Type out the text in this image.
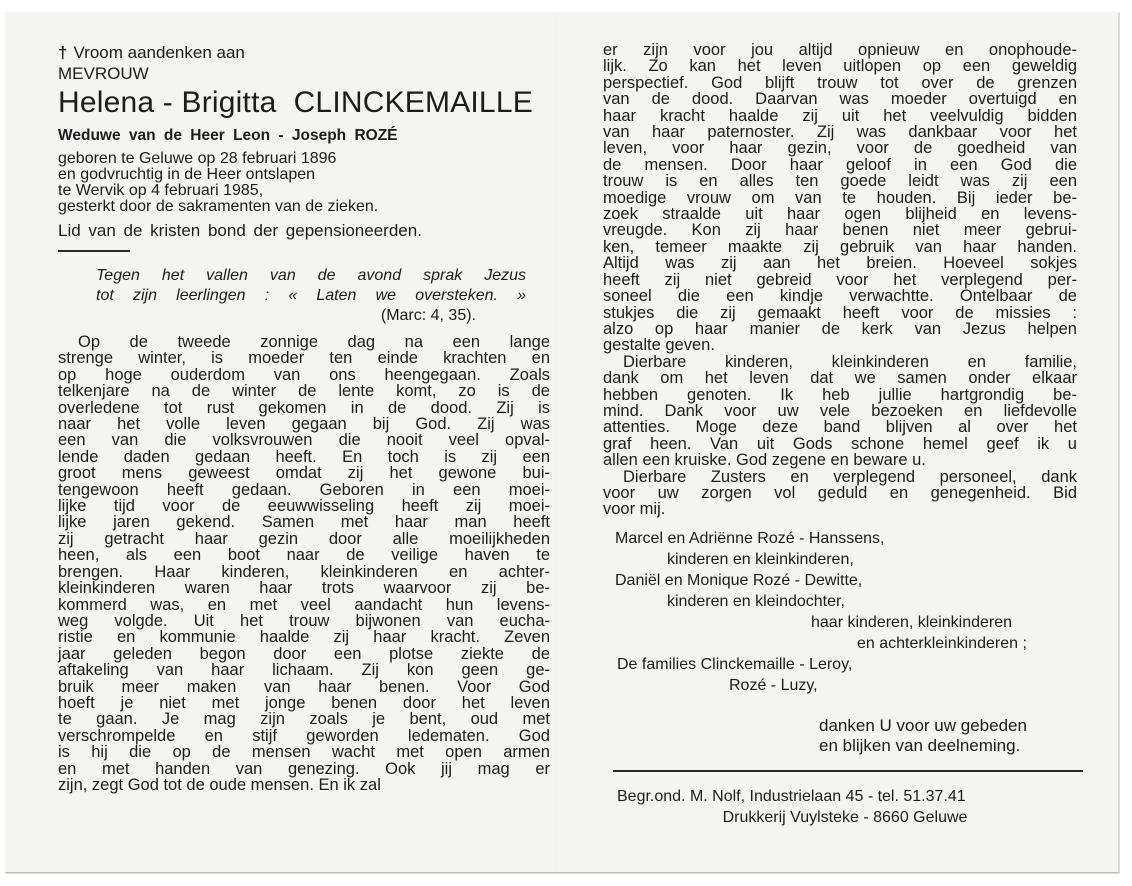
† Vroom aandenken aan
MEVROUW
Helena - Brigitta  CLINCKEMAILLE
Weduwe van de Heer Leon - Joseph ROZÉ
geboren te Geluwe op 28 februari 1896
en godvruchtig in de Heer ontslapen
te Wervik op 4 februari 1985,
gesterkt door de sakramenten van de zieken.
Lid van de kristen bond der gepensioneerden.
Tegen het vallen van de avond sprak Jezus
tot zijn leerlingen : « Laten we oversteken. »
(Marc: 4, 35).
Op de tweede zonnige dag na een lange
strenge winter, is moeder ten einde krachten en
op hoge ouderdom van ons heengegaan. Zoals
telkenjare na de winter de lente komt, zo is de
overledene tot rust gekomen in de dood. Zij is
naar het volle leven gegaan bij God. Zij was
een van die volksvrouwen die nooit veel opval-
lende daden gedaan heeft. En toch is zij een
groot mens geweest omdat zij het gewone bui-
tengewoon heeft gedaan. Geboren in een moei-
lijke tijd voor de eeuwwisseling heeft zij moei-
lijke jaren gekend. Samen met haar man heeft
zij getracht haar gezin door alle moeilijkheden
heen, als een boot naar de veilige haven te
brengen. Haar kinderen, kleinkinderen en achter-
kleinkinderen waren haar trots waarvoor zij be-
kommerd was, en met veel aandacht hun levens-
weg volgde. Uit het trouw bijwonen van eucha-
ristie en kommunie haalde zij haar kracht. Zeven
jaar geleden begon door een plotse ziekte de
aftakeling van haar lichaam. Zij kon geen ge-
bruik meer maken van haar benen. Voor God
hoeft je niet met jonge benen door het leven
te gaan. Je mag zijn zoals je bent, oud met
verschrompelde en stijf geworden ledematen. God
is hij die op de mensen wacht met open armen
en met handen van genezing. Ook jij mag er
zijn, zegt God tot de oude mensen. En ik zal
er zijn voor jou altijd opnieuw en onophoude-
lijk. Zo kan het leven uitlopen op een geweldig
perspectief. God blijft trouw tot over de grenzen
van de dood. Daarvan was moeder overtuigd en
haar kracht haalde zij uit het veelvuldig bidden
van haar paternoster. Zij was dankbaar voor het
leven, voor haar gezin, voor de goedheid van
de mensen. Door haar geloof in een God die
trouw is en alles ten goede leidt was zij een
moedige vrouw om van te houden. Bij ieder be-
zoek straalde uit haar ogen blijheid en levens-
vreugde. Kon zij haar benen niet meer gebrui-
ken, temeer maakte zij gebruik van haar handen.
Altijd was zij aan het breien. Hoeveel sokjes
heeft zij niet gebreid voor het verplegend per-
soneel die een kindje verwachtte. Ontelbaar de
stukjes die zij gemaakt heeft voor de missies :
alzo op haar manier de kerk van Jezus helpen
gestalte geven.
Dierbare kinderen, kleinkinderen en familie,
dank om het leven dat we samen onder elkaar
hebben genoten. Ik heb jullie hartgrondig be-
mind. Dank voor uw vele bezoeken en liefdevolle
attenties. Moge deze band blijven al over het
graf heen. Van uit Gods schone hemel geef ik u
allen een kruiske. God zegene en beware u.
Dierbare Zusters en verplegend personeel, dank
voor uw zorgen vol geduld en genegenheid. Bid
voor mij.
Marcel en Adriënne Rozé - Hanssens,
kinderen en kleinkinderen,
Daniël en Monique Rozé - Dewitte,
kinderen en kleindochter,
haar kinderen, kleinkinderen
en achterkleinkinderen ;
De families Clinckemaille - Leroy,
Rozé - Luzy,
danken U voor uw gebeden
en blijken van deelneming.
Begr.ond. M. Nolf, Industrielaan 45 - tel. 51.37.41
Drukkerij Vuylsteke - 8660 Geluwe
